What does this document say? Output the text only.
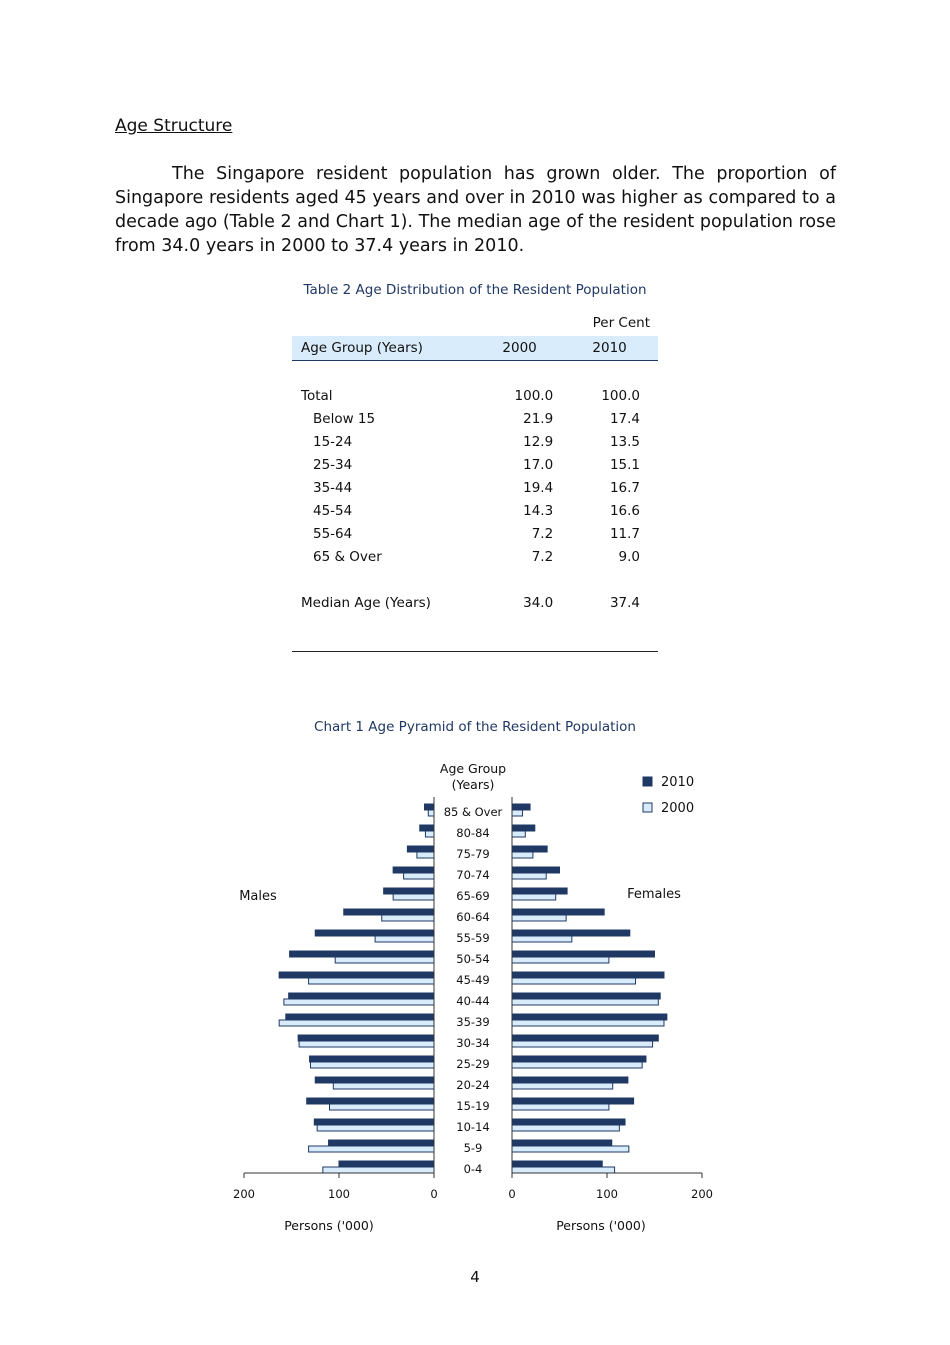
Age Structure

The Singapore resident population has grown older. The proportion of Singapore residents aged 45 years and over in 2010 was higher as compared to a decade ago (Table 2 and Chart 1). The median age of the resident population rose from 34.0 years in 2000 to 37.4 years in 2010.

Table 2 Age Distribution of the Resident Population
Per Cent
Age Group (Years)	2000	2010

Total	100.0	100.0
Below 15	21.9	17.4
15-24	12.9	13.5
25-34	17.0	15.1
35-44	19.4	16.7
45-54	14.3	16.6
55-64	7.2	11.7
65 & Over	7.2	9.0

Median Age (Years)	34.0	37.4
Chart 1 Age Pyramid of the Resident Population
Age Group
(Years)
Males	Females
2010
2000
85 & Over
80-84
75-79
70-74
65-69
60-64
55-59
50-54
45-49
40-44
35-39
30-34
25-29
20-24
15-19
10-14
5-9
0-4
200	100	0	0	100	200
Persons ('000)	Persons ('000)
4
